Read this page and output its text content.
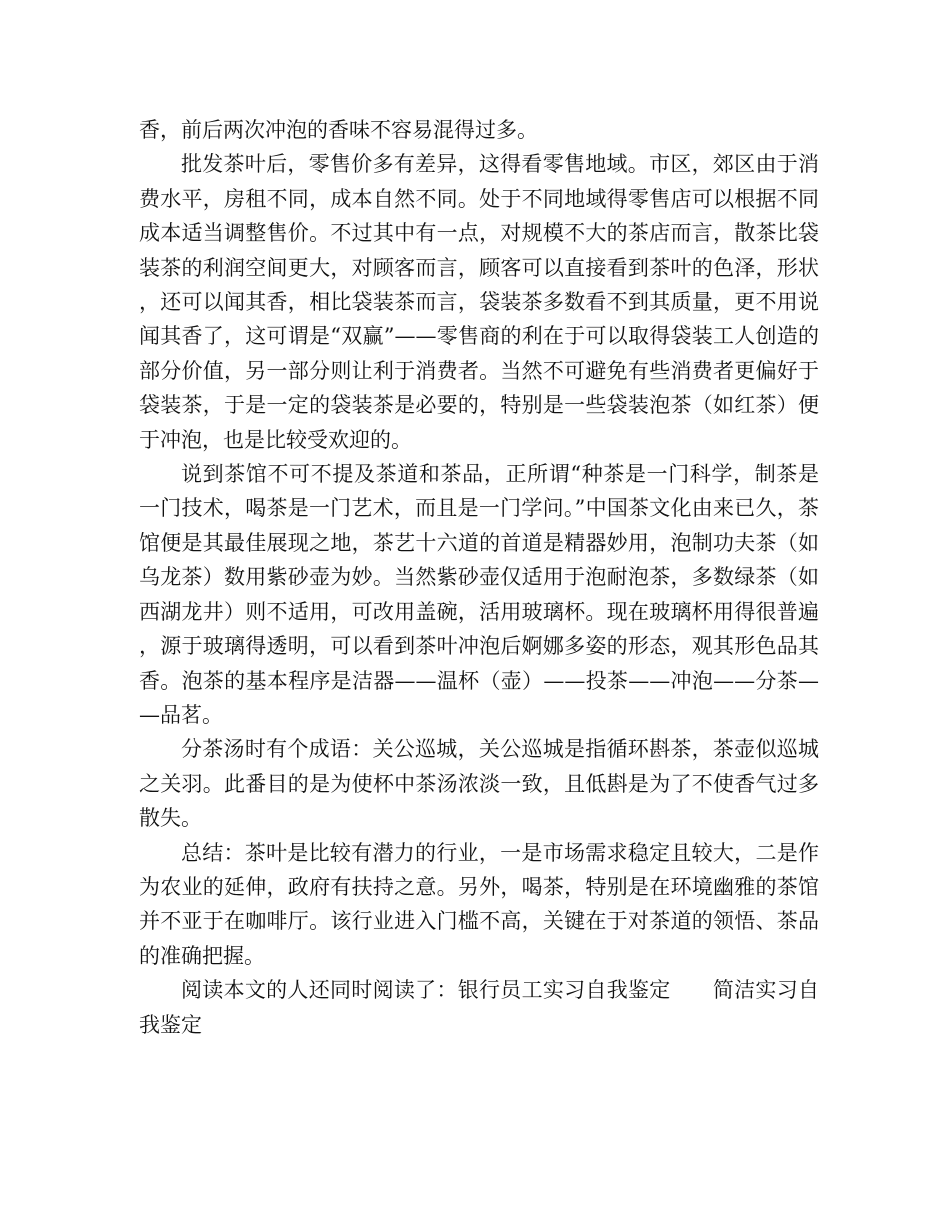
香，前后两次冲泡的香味不容易混得过多。

批发茶叶后，零售价多有差异，这得看零售地域。市区，郊区由于消费水平，房租不同，成本自然不同。处于不同地域得零售店可以根据不同成本适当调整售价。不过其中有一点，对规模不大的茶店而言，散茶比袋装茶的利润空间更大，对顾客而言，顾客可以直接看到茶叶的色泽，形状，还可以闻其香，相比袋装茶而言，袋装茶多数看不到其质量，更不用说闻其香了，这可谓是“双赢”——零售商的利在于可以取得袋装工人创造的部分价值，另一部分则让利于消费者。当然不可避免有些消费者更偏好于袋装茶，于是一定的袋装茶是必要的，特别是一些袋装泡茶（如红茶）便于冲泡，也是比较受欢迎的。

说到茶馆不可不提及茶道和茶品，正所谓“种茶是一门科学，制茶是一门技术，喝茶是一门艺术，而且是一门学问。”中国茶文化由来已久，茶馆便是其最佳展现之地，茶艺十六道的首道是精器妙用，泡制功夫茶（如乌龙茶）数用紫砂壶为妙。当然紫砂壶仅适用于泡耐泡茶，多数绿茶（如西湖龙井）则不适用，可改用盖碗，活用玻璃杯。现在玻璃杯用得很普遍，源于玻璃得透明，可以看到茶叶冲泡后婀娜多姿的形态，观其形色品其香。泡茶的基本程序是洁器——温杯（壶）——投茶——冲泡——分茶——品茗。

分茶汤时有个成语：关公巡城，关公巡城是指循环斟茶，茶壶似巡城之关羽。此番目的是为使杯中茶汤浓淡一致，且低斟是为了不使香气过多散失。

总结：茶叶是比较有潜力的行业，一是市场需求稳定且较大，二是作为农业的延伸，政府有扶持之意。另外，喝茶，特别是在环境幽雅的茶馆并不亚于在咖啡厅。该行业进入门槛不高，关键在于对茶道的领悟、茶品的准确把握。

阅读本文的人还同时阅读了：银行员工实习自我鉴定 简洁实习自我鉴定
